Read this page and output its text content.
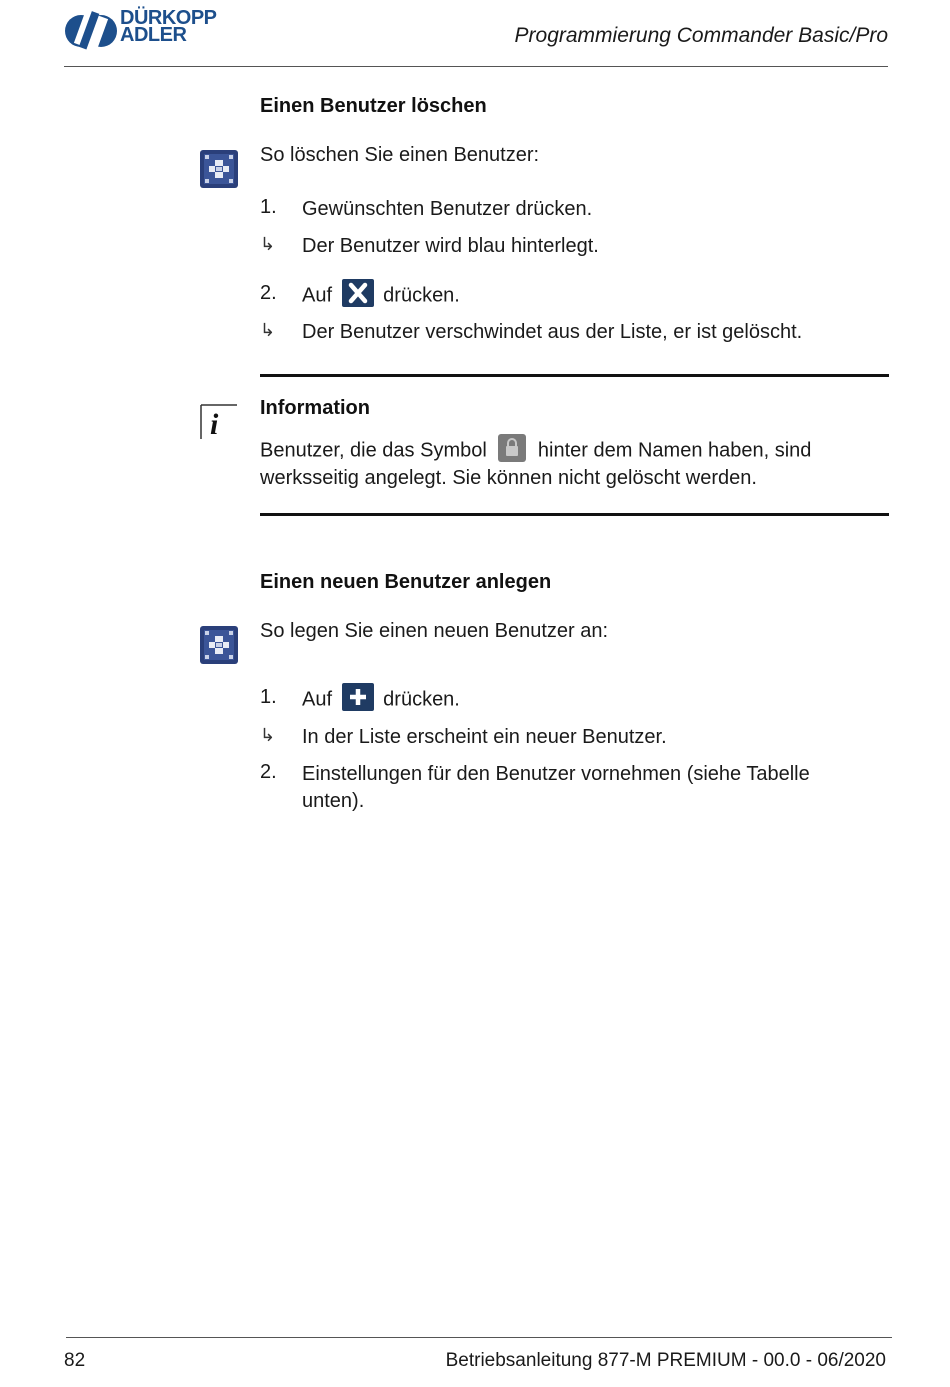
DÜRKOPP
ADLER	Programmierung Commander Basic/Pro
Einen Benutzer löschen
So löschen Sie einen Benutzer:
1. Gewünschten Benutzer drücken.
↳ Der Benutzer wird blau hinterlegt.
2. Auf	drücken.
↳ Der Benutzer verschwindet aus der Liste, er ist gelöscht.
i Information
Benutzer, die das Symbol	hinter dem Namen haben, sind
werksseitig angelegt. Sie können nicht gelöscht werden.
Einen neuen Benutzer anlegen
So legen Sie einen neuen Benutzer an:
1. Auf	drücken.
↳ In der Liste erscheint ein neuer Benutzer.
2. Einstellungen für den Benutzer vornehmen (siehe Tabelle
unten).
82	Betriebsanleitung 877-M PREMIUM - 00.0 - 06/2020
